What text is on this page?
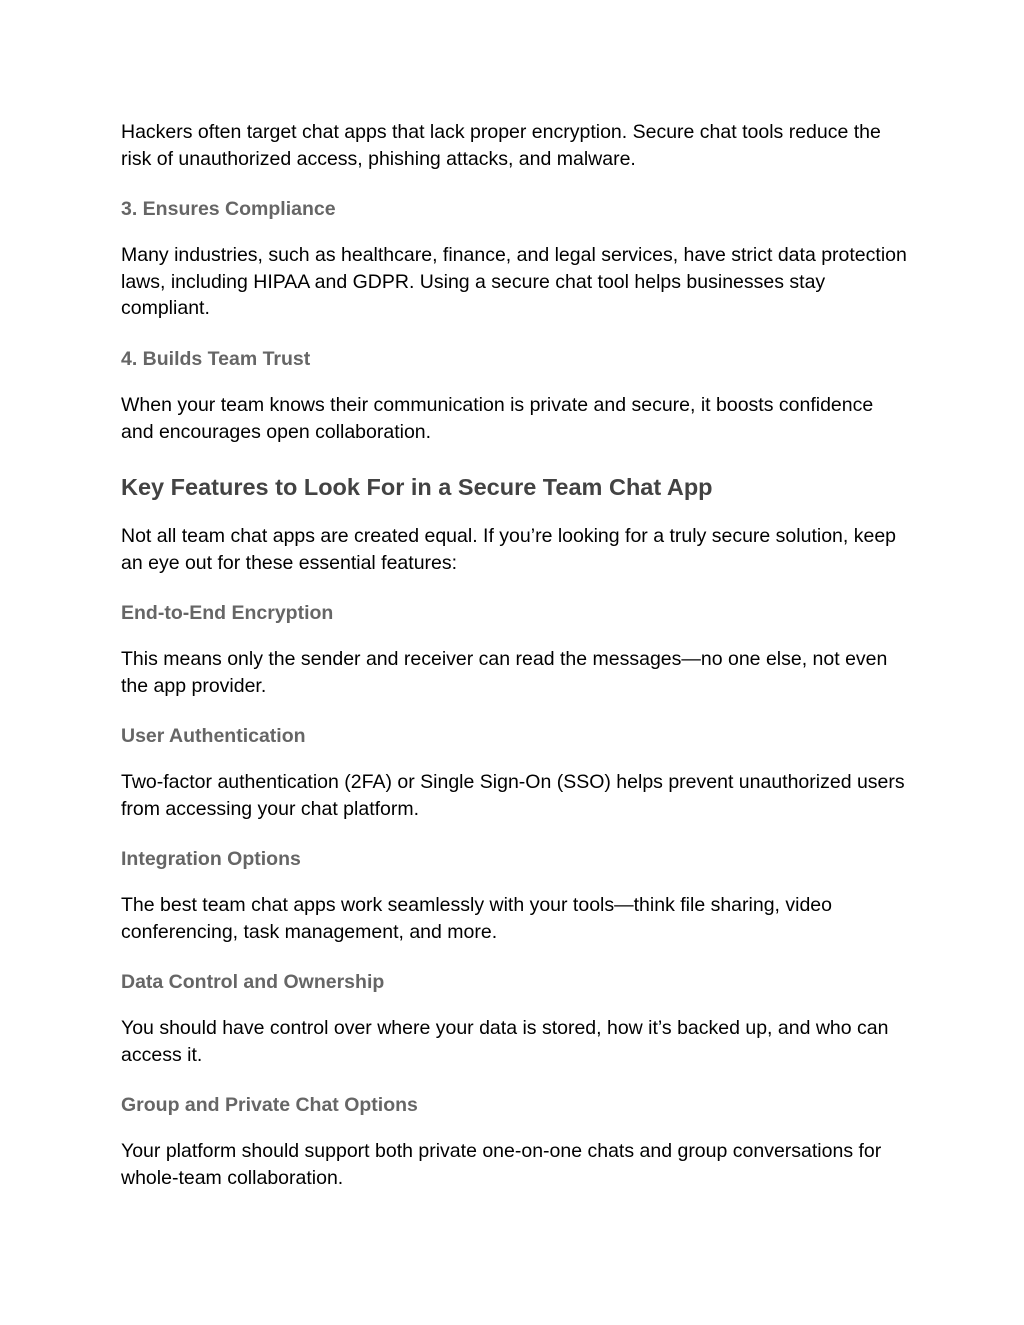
Hackers often target chat apps that lack proper encryption. Secure chat tools reduce the risk of unauthorized access, phishing attacks, and malware.

3. Ensures Compliance

Many industries, such as healthcare, finance, and legal services, have strict data protection laws, including HIPAA and GDPR. Using a secure chat tool helps businesses stay compliant.

4. Builds Team Trust

When your team knows their communication is private and secure, it boosts confidence and encourages open collaboration.

Key Features to Look For in a Secure Team Chat App

Not all team chat apps are created equal. If you’re looking for a truly secure solution, keep an eye out for these essential features:

End-to-End Encryption

This means only the sender and receiver can read the messages—no one else, not even the app provider.

User Authentication

Two-factor authentication (2FA) or Single Sign-On (SSO) helps prevent unauthorized users from accessing your chat platform.

Integration Options

The best team chat apps work seamlessly with your tools—think file sharing, video conferencing, task management, and more.

Data Control and Ownership

You should have control over where your data is stored, how it’s backed up, and who can access it.

Group and Private Chat Options

Your platform should support both private one-on-one chats and group conversations for whole-team collaboration.
